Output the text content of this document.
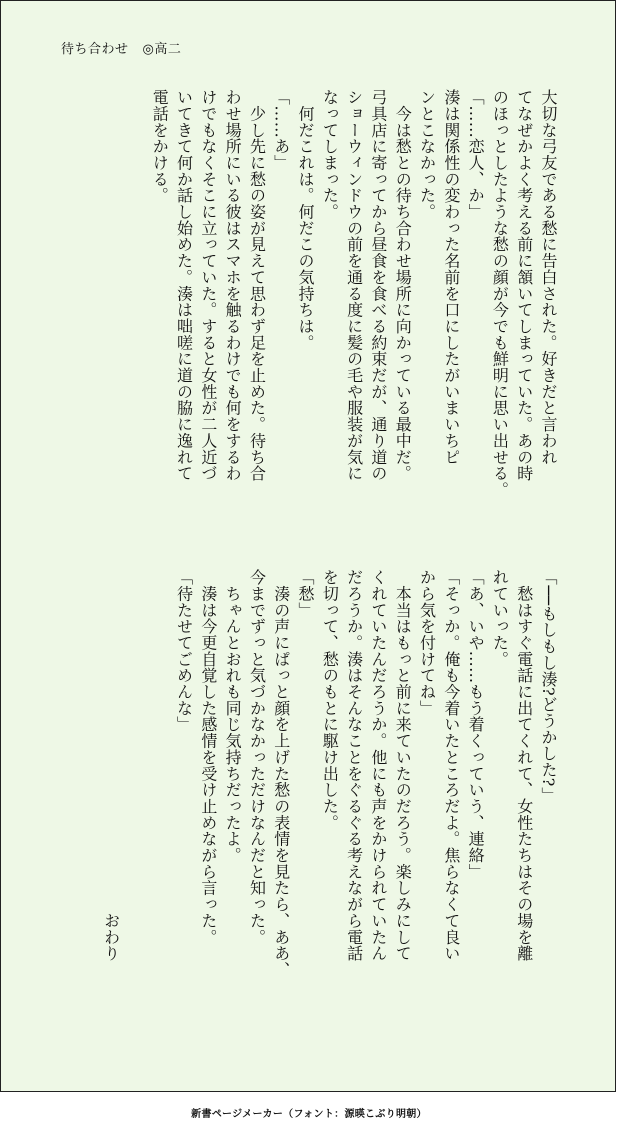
待ち合わせ ◎高二
大切な弓友である愁に告白された。好きだと言われ
てなぜかよく考える前に頷いてしまっていた。あの時
のほっとしたような愁の顔が今でも鮮明に思い出せる。
「……恋人、か」
湊は関係性の変わった名前を口にしたがいまいちピ
ンとこなかった。
　今は愁との待ち合わせ場所に向かっている最中だ。
弓具店に寄ってから昼食を食べる約束だが、通り道の
ショーウィンドウの前を通る度に髪の毛や服装が気に
なってしまった。
　何だこれは。何だこの気持ちは。
「……あ」
　少し先に愁の姿が見えて思わず足を止めた。待ち合
わせ場所にいる彼はスマホを触るわけでも何をするわ
けでもなくそこに立っていた。すると女性が二人近づ
いてきて何か話し始めた。湊は咄嗟に道の脇に逸れて
電話をかける。
「──もしもし湊?どうかした?」
　愁はすぐ電話に出てくれて、女性たちはその場を離
れていった。
「あ、いや……もう着くっていう、連絡」
「そっか。俺も今着いたところだよ。焦らなくて良い
から気を付けてね」
　本当はもっと前に来ていたのだろう。楽しみにして
くれていたんだろうか。他にも声をかけられていたん
だろうか。湊はそんなことをぐるぐる考えながら電話
を切って、愁のもとに駆け出した。
「愁」
　湊の声にぱっと顔を上げた愁の表情を見たら、ああ、
今までずっと気づかなかっただけなんだと知った。
　ちゃんとおれも同じ気持ちだったよ。
　湊は今更自覚した感情を受け止めながら言った。
「待たせてごめんな」

　　　　　　　　　　　　　　　　　　　　　おわり
新書ページメーカー（フォント：源暎こぶり明朝）
